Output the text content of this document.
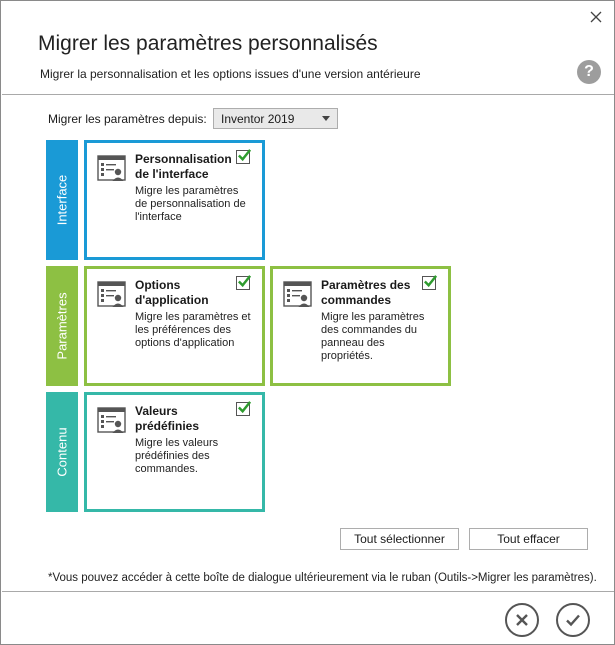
Migrer les paramètres personnalisés
Migrer la personnalisation et les options issues d'une version antérieure	?
Migrer les paramètres depuis:	Inventor 2019
Interface
Paramètres
Contenu
Personnalisation de l'interface
Migre les paramètres de personnalisation de l'interface
Options d'application
Migre les paramètres et les préférences des options d'application
Paramètres des commandes
Migre les paramètres des commandes du panneau des propriétés.
Valeurs prédéfinies
Migre les valeurs prédéfinies des commandes.
Tout sélectionner	Tout effacer
*Vous pouvez accéder à cette boîte de dialogue ultérieurement via le ruban (Outils->Migrer les paramètres).
